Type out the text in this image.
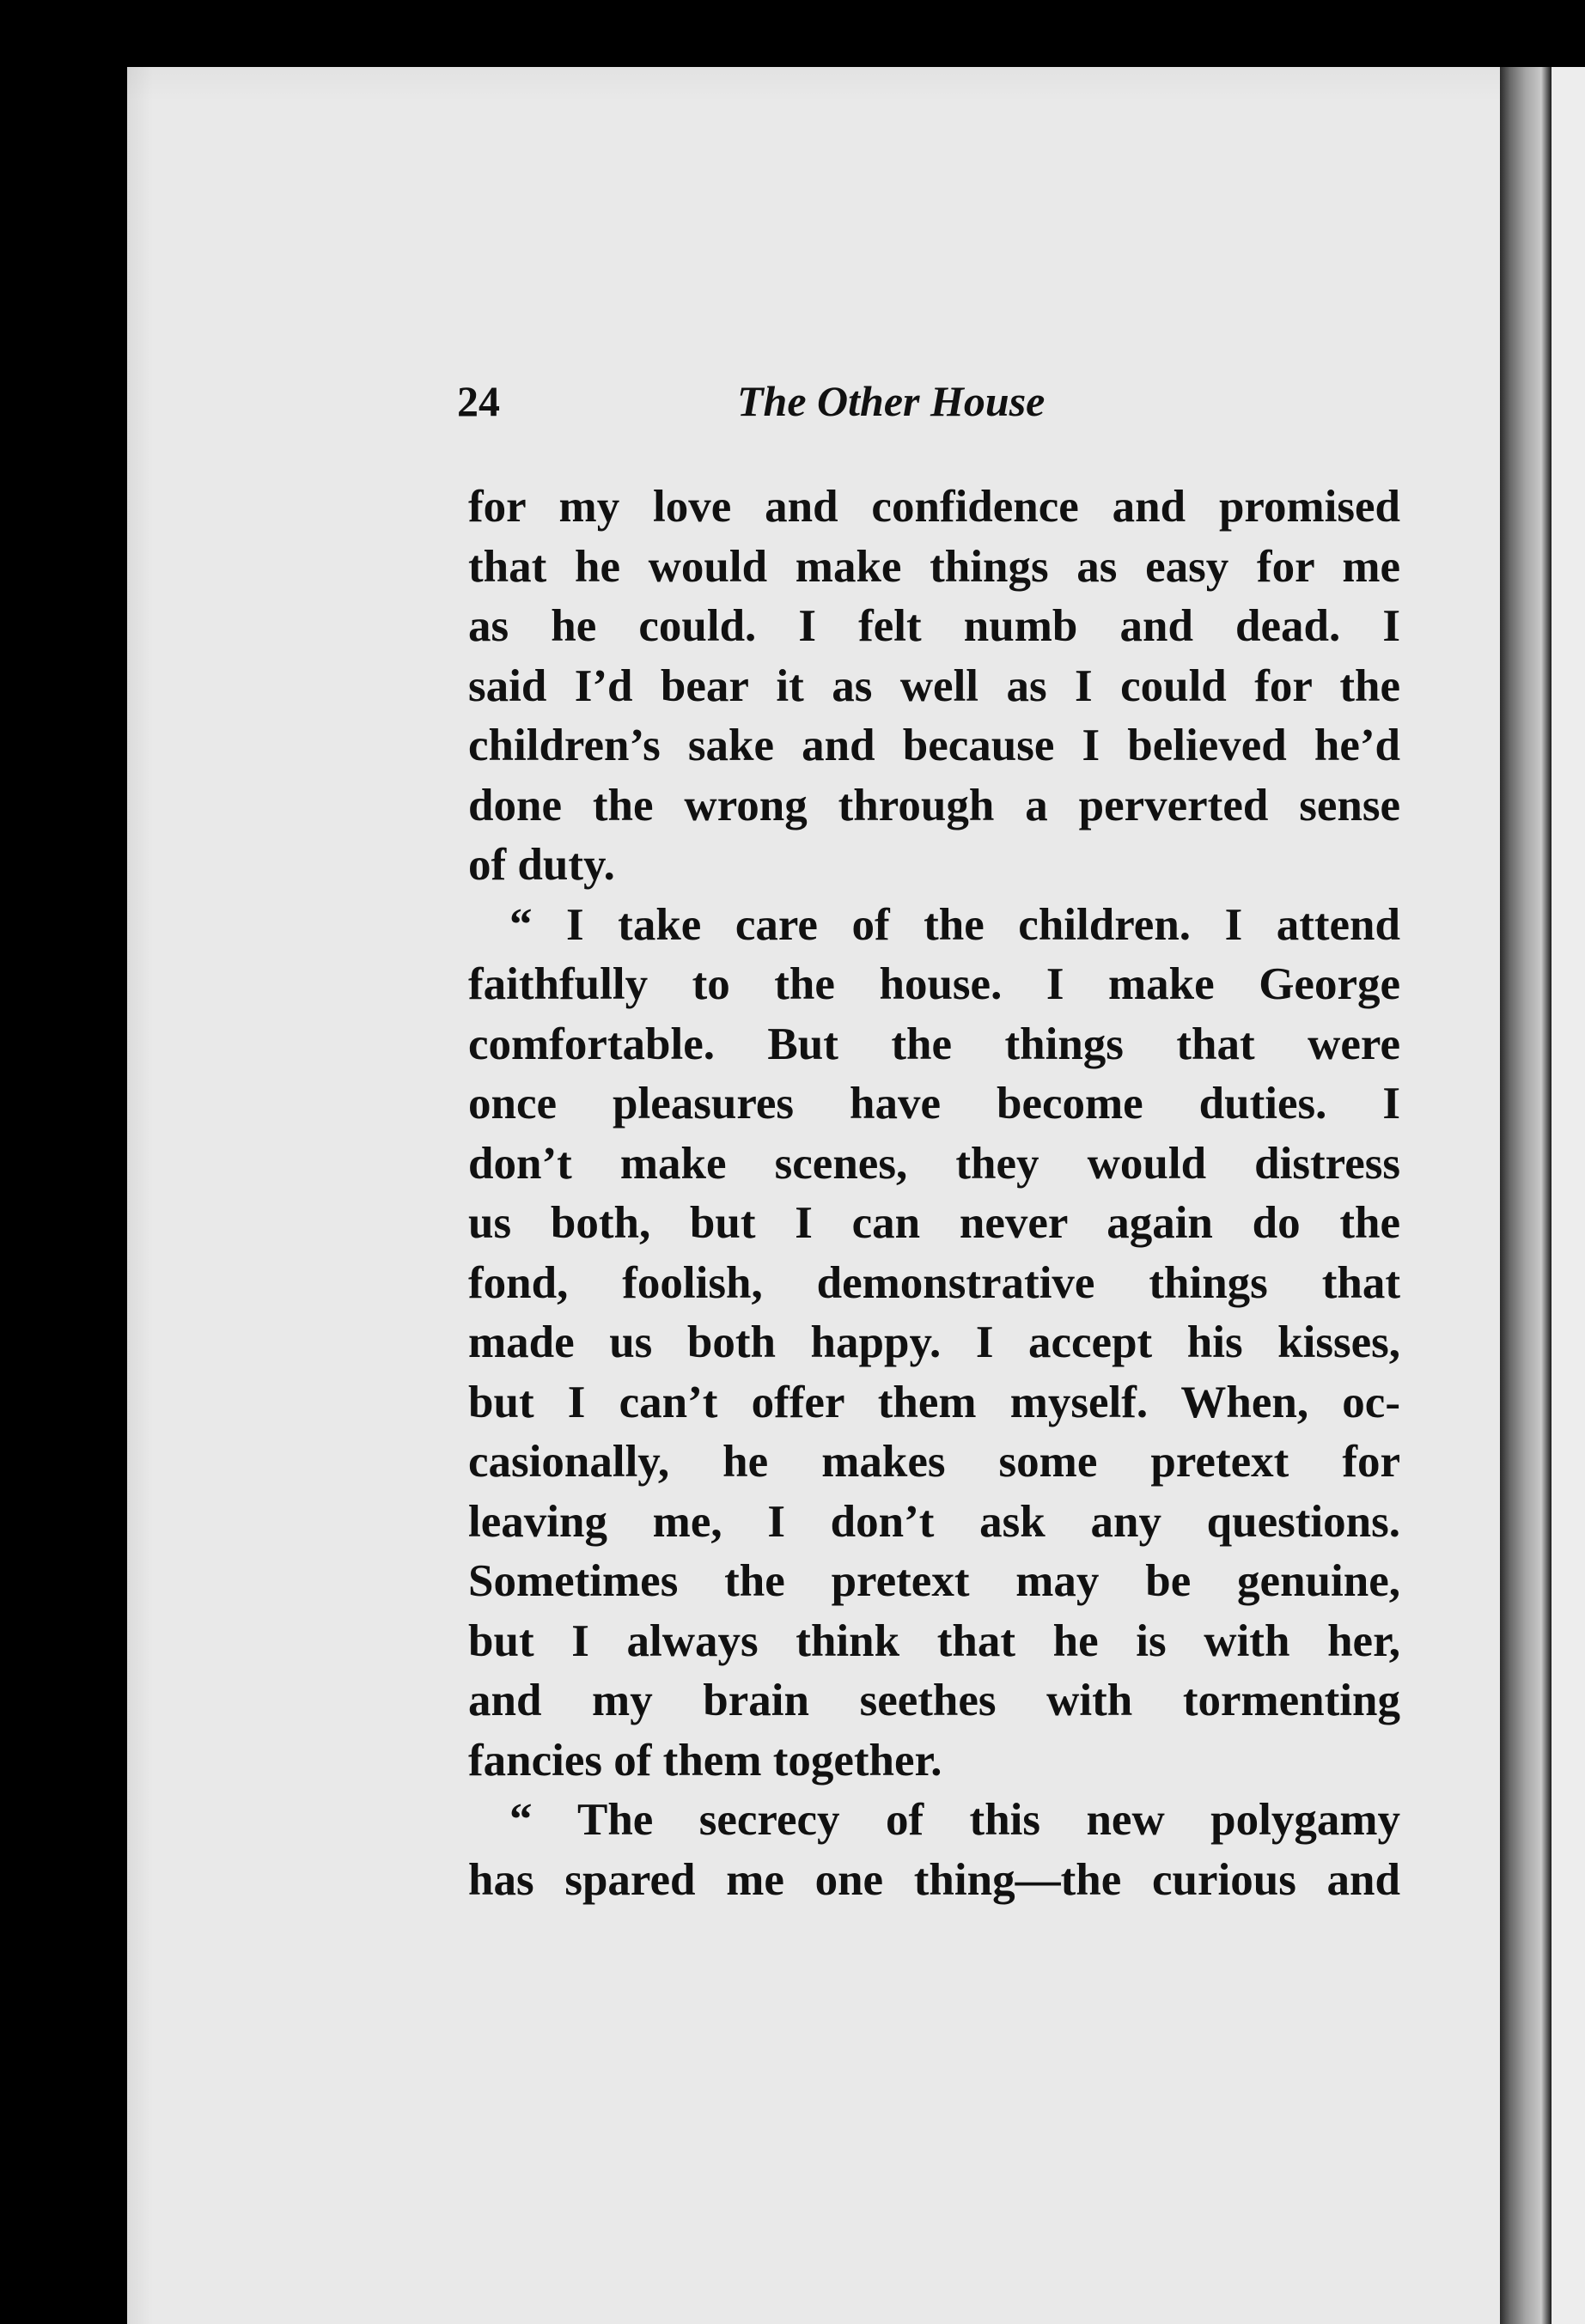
24	The Other House
for my love and confidence and promised
that he would make things as easy for me
as he could. I felt numb and dead. I
said I’d bear it as well as I could for the
children’s sake and because I believed he’d
done the wrong through a perverted sense
of duty.
“ I take care of the children. I attend
faithfully to the house. I make George
comfortable. But the things that were
once pleasures have become duties. I
don’t make scenes, they would distress
us both, but I can never again do the
fond, foolish, demonstrative things that
made us both happy. I accept his kisses,
but I can’t offer them myself. When, oc-
casionally, he makes some pretext for
leaving me, I don’t ask any questions.
Sometimes the pretext may be genuine,
but I always think that he is with her,
and my brain seethes with tormenting
fancies of them together.
“ The secrecy of this new polygamy
has spared me one thing—the curious and
